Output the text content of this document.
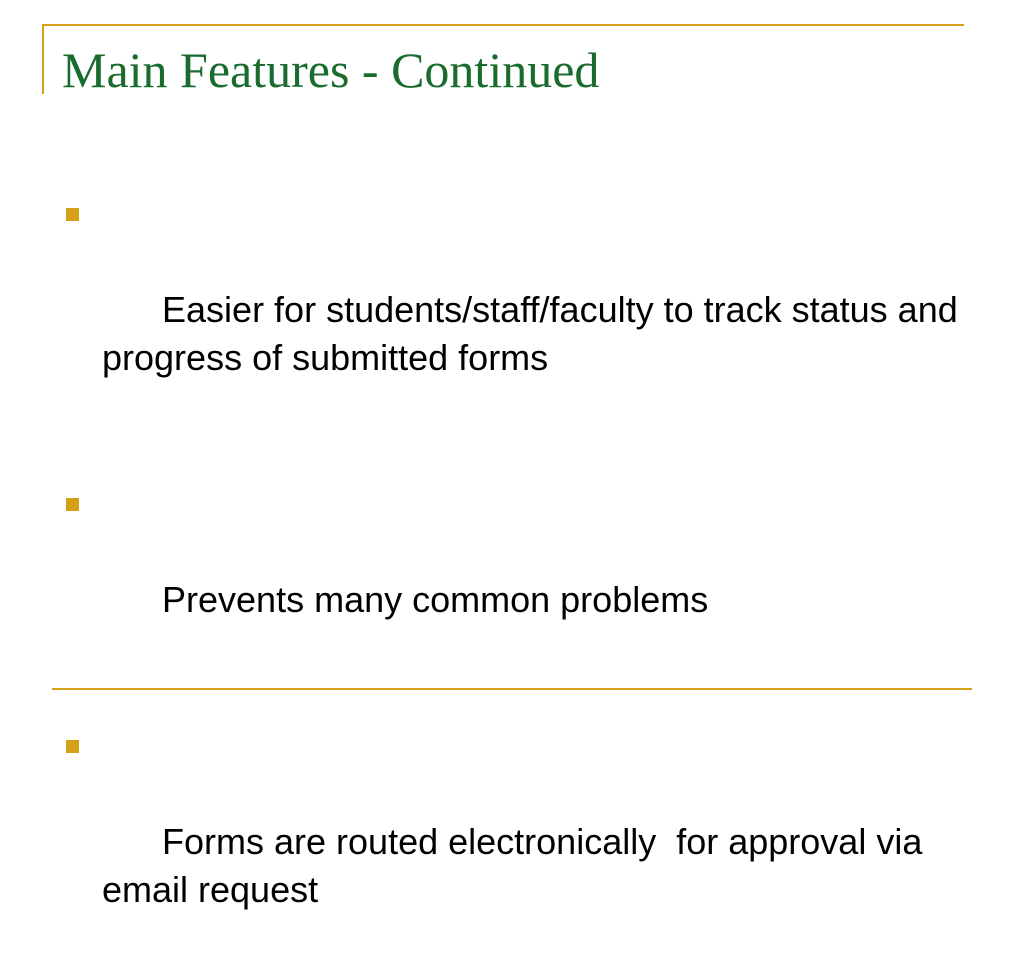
Main Features - Continued

Easier for students/staff/faculty to track status and progress of submitted forms

Prevents many common problems

Forms are routed electronically  for approval via email request
